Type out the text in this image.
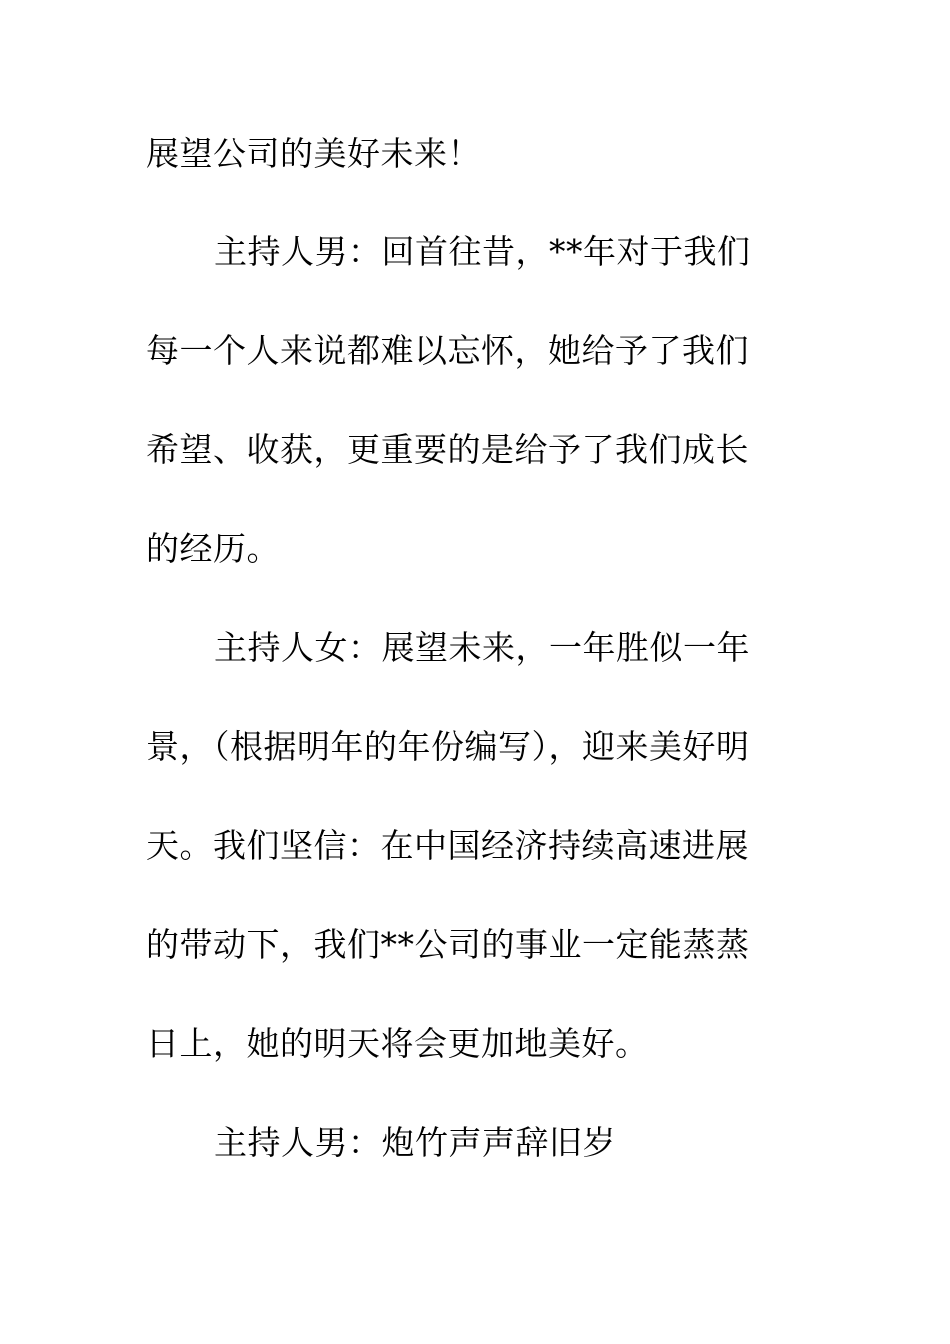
展望公司的美好未来！
主持人男：回首往昔，**年对于我们
每一个人来说都难以忘怀，她给予了我们
希望、收获，更重要的是给予了我们成长
的经历。
主持人女：展望未来，一年胜似一年
景，（根据明年的年份编写），迎来美好明
天。我们坚信：在中国经济持续高速进展
的带动下，我们**公司的事业一定能蒸蒸
日上，她的明天将会更加地美好。
主持人男：炮竹声声辞旧岁
